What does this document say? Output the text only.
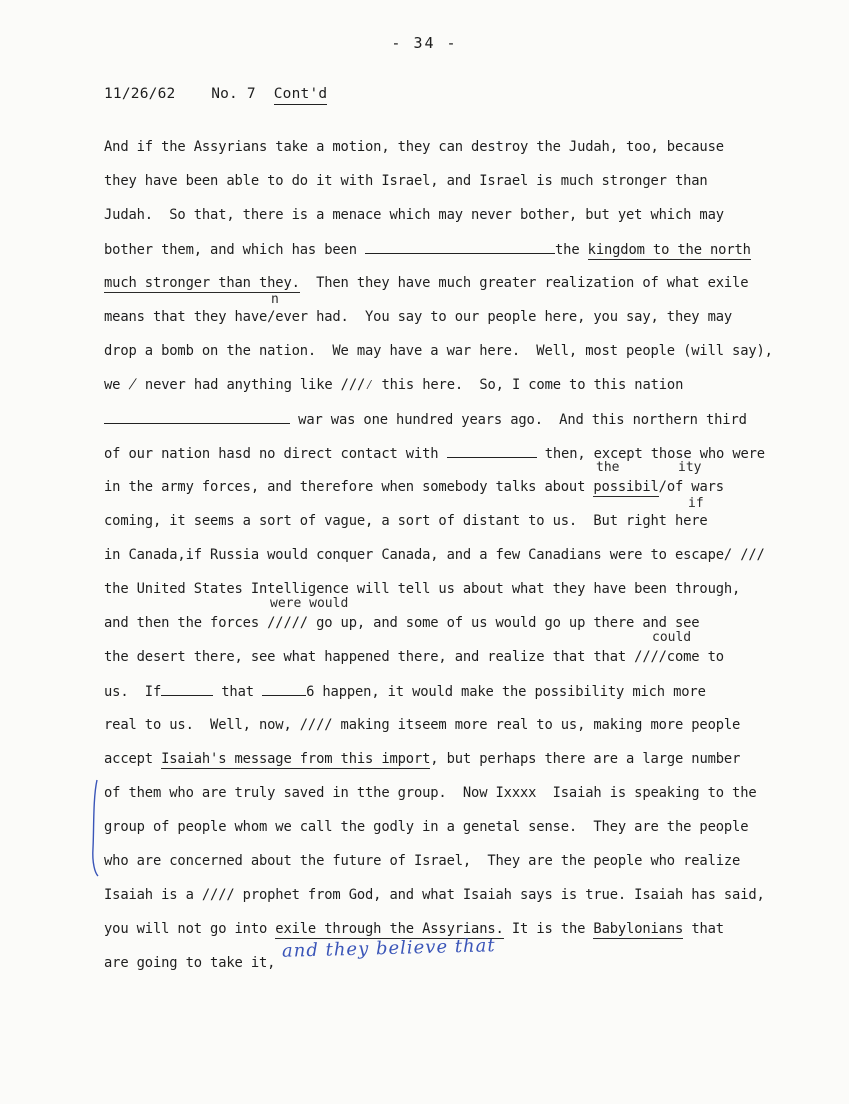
- 34 -
11/26/62 No. 7 Cont'd
And if the Assyrians take a motion, they can destroy the Judah, too, because
they have been able to do it with Israel, and Israel is much stronger than
Judah.  So that, there is a menace which may never bother, but yet which may
bother them, and which has been	the kingdom to the north
much stronger than they.  Then they have much greater realization of what exile
means that they have/ever had.  You say to our people here, you say, they may
drop a bomb on the nation.  We may have a war here.  Well, most people (will say),
we ̸ never had anything like ///⁄ this here.  So, I come to this nation
war was one hundred years ago.  And this northern third
of our nation hasd no direct contact with	then, except those who were
in the army forces, and therefore when somebody talks about possibil/of wars
coming, it seems a sort of vague, a sort of distant to us.  But right here
in Canada,if Russia would conquer Canada, and a few Canadians were to escape/ ///
the United States Intelligence will tell us about what they have been through,
and then the forces ///// go up, and some of us would go up there and see
the desert there, see what happened there, and realize that that ////come to
us.  If	that	6 happen, it would make the possibility mich more
real to us.  Well, now, //// making itseem more real to us, making more people
accept Isaiah's message from this import, but perhaps there are a large number
of them who are truly saved in tthe group.  Now Ixxxx  Isaiah is speaking to the
group of people whom we call the godly in a genetal sense.  They are the people
who are concerned about the future of Israel,  They are the people who realize
Isaiah is a //// prophet from God, and what Isaiah says is true. Isaiah has said,
you will not go into exile through the Assyrians. It is the Babylonians that
are going to take it,
n
the	ity
if
were would
could
and they believe that
